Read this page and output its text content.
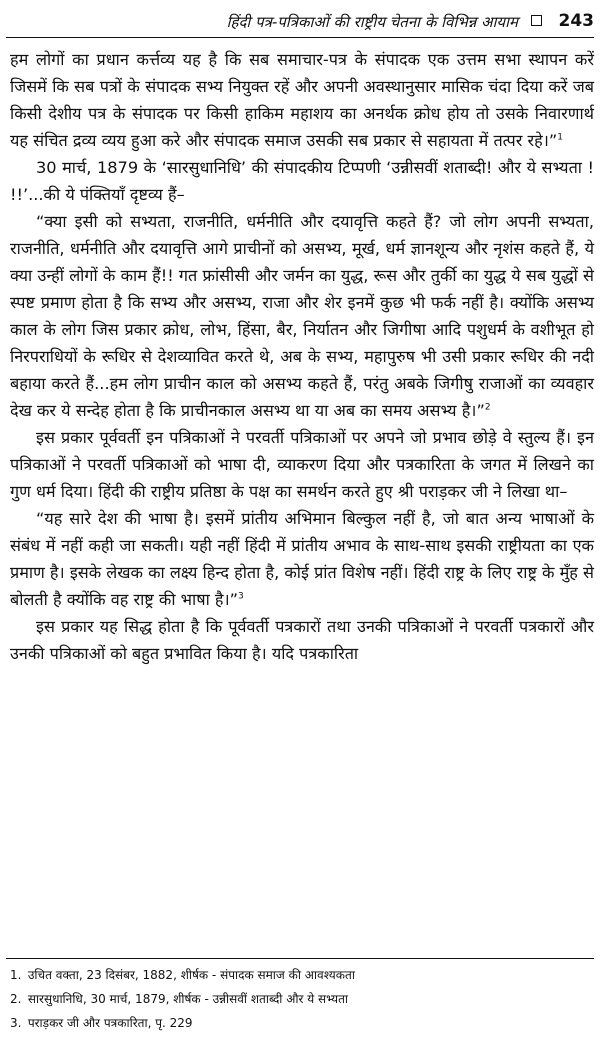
हिंदी पत्र-पत्रिकाओं की राष्ट्रीय चेतना के विभिन्न आयाम 243

हम लोगों का प्रधान कर्त्तव्य यह है कि सब समाचार-पत्र के संपादक एक उत्तम सभा स्थापन करें जिसमें कि सब पत्रों के संपादक सभ्य नियुक्त रहें और अपनी अवस्थानुसार मासिक चंदा दिया करें जब किसी देशीय पत्र के संपादक पर किसी हाकिम महाशय का अनर्थक क्रोध होय तो उसके निवारणार्थ यह संचित द्रव्य व्यय हुआ करे और संपादक समाज उसकी सब प्रकार से सहायता में तत्पर रहे।”$^1$

30 मार्च, 1879 के ‘सारसुधानिधि’ की संपादकीय टिप्पणी ‘उन्नीसवीं शताब्दी! और ये सभ्यता ! !!’...की ये पंक्तियाँ दृष्टव्य हैं–

“क्या इसी को सभ्यता, राजनीति, धर्मनीति और दयावृत्ति कहते हैं? जो लोग अपनी सभ्यता, राजनीति, धर्मनीति और दयावृत्ति आगे प्राचीनों को असभ्य, मूर्ख, धर्म ज्ञानशून्य और नृशंस कहते हैं, ये क्या उन्हीं लोगों के काम हैं!! गत फ्रांसीसी और जर्मन का युद्ध, रूस और तुर्की का युद्ध ये सब युद्धों से स्पष्ट प्रमाण होता है कि सभ्य और असभ्य, राजा और शेर इनमें कुछ भी फर्क नहीं है। क्योंकि असभ्य काल के लोग जिस प्रकार क्रोध, लोभ, हिंसा, बैर, निर्यातन और जिगीषा आदि पशुधर्म के वशीभूत हो निरपराधियों के रूधिर से देशव्यावित करते थे, अब के सभ्य, महापुरुष भी उसी प्रकार रूधिर की नदी बहाया करते हैं...हम लोग प्राचीन काल को असभ्य कहते हैं, परंतु अबके जिगीषु राजाओं का व्यवहार देख कर ये सन्देह होता है कि प्राचीनकाल असभ्य था या अब का समय असभ्य है।”$^2$

इस प्रकार पूर्ववर्ती इन पत्रिकाओं ने परवर्ती पत्रिकाओं पर अपने जो प्रभाव छोड़े वे स्तुल्य हैं। इन पत्रिकाओं ने परवर्ती पत्रिकाओं को भाषा दी, व्याकरण दिया और पत्रकारिता के जगत में लिखने का गुण धर्म दिया। हिंदी की राष्ट्रीय प्रतिष्ठा के पक्ष का समर्थन करते हुए श्री पराड़कर जी ने लिखा था–

“यह सारे देश की भाषा है। इसमें प्रांतीय अभिमान बिल्कुल नहीं है, जो बात अन्य भाषाओं के संबंध में नहीं कही जा सकती। यही नहीं हिंदी में प्रांतीय अभाव के साथ-साथ इसकी राष्ट्रीयता का एक प्रमाण है। इसके लेखक का लक्ष्य हिन्द होता है, कोई प्रांत विशेष नहीं। हिंदी राष्ट्र के लिए राष्ट्र के मुँह से बोलती है क्योंकि वह राष्ट्र की भाषा है।”$^3$

इस प्रकार यह सिद्ध होता है कि पूर्ववर्ती पत्रकारों तथा उनकी पत्रिकाओं ने परवर्ती पत्रकारों और उनकी पत्रिकाओं को बहुत प्रभावित किया है। यदि पत्रकारिता

1. उचित वक्ता, 23 दिसंबर, 1882, शीर्षक - संपादक समाज की आवश्यकता
2. सारसुधानिधि, 30 मार्च, 1879, शीर्षक - उन्नीसवीं शताब्दी और ये सभ्यता
3. पराड़कर जी और पत्रकारिता, पृ. 229
